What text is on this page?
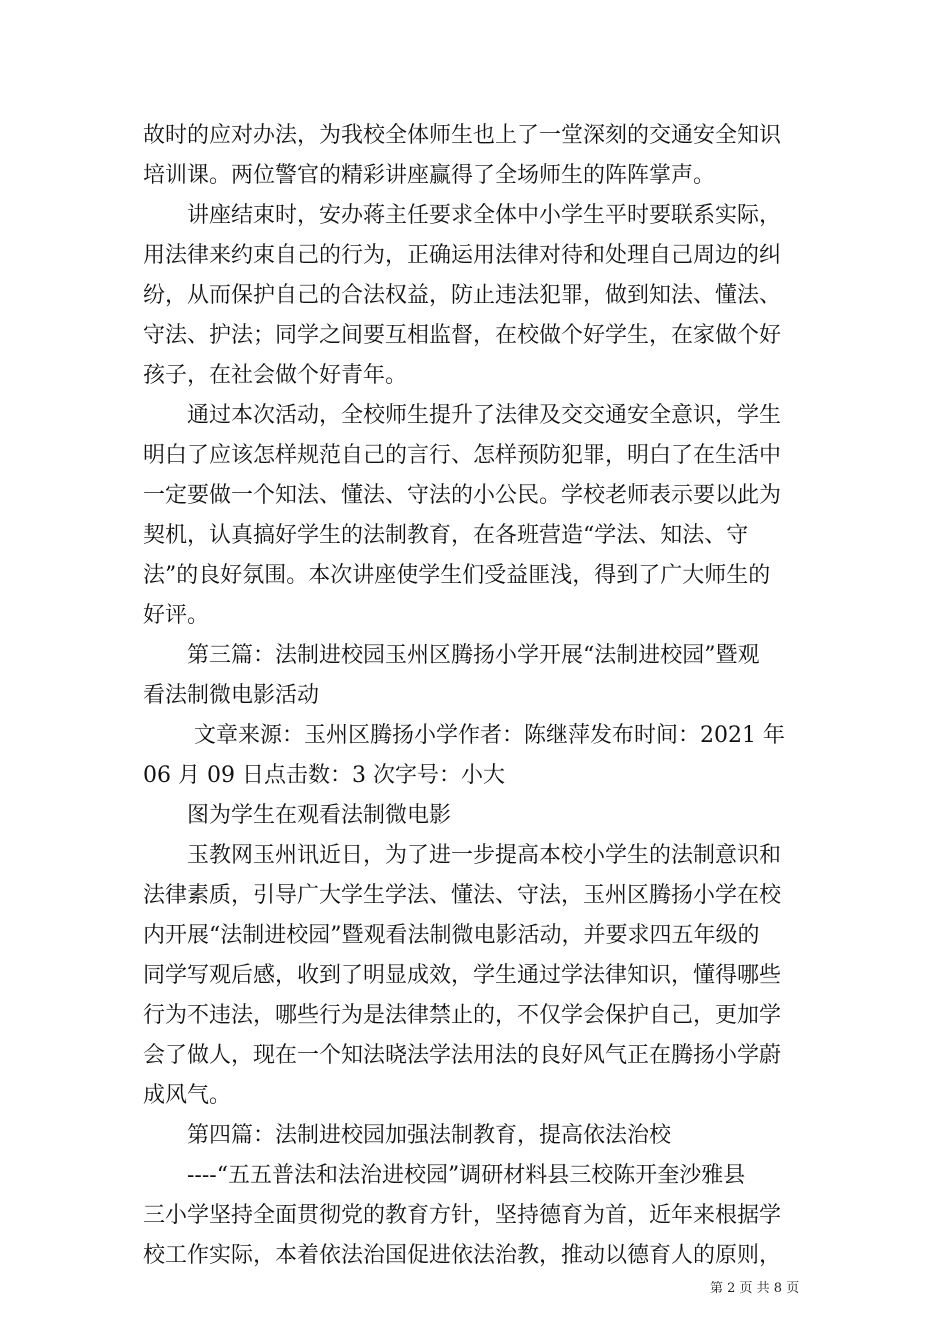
故时的应对办法，为我校全体师生也上了一堂深刻的交通安全知识
培训课。两位警官的精彩讲座赢得了全场师生的阵阵掌声。
　　讲座结束时，安办蒋主任要求全体中小学生平时要联系实际，
用法律来约束自己的行为，正确运用法律对待和处理自己周边的纠
纷，从而保护自己的合法权益，防止违法犯罪，做到知法、懂法、
守法、护法；同学之间要互相监督，在校做个好学生，在家做个好
孩子，在社会做个好青年。
　　通过本次活动，全校师生提升了法律及交交通安全意识，学生
明白了应该怎样规范自己的言行、怎样预防犯罪，明白了在生活中
一定要做一个知法、懂法、守法的小公民。学校老师表示要以此为
契机，认真搞好学生的法制教育，在各班营造“学法、知法、守
法”的良好氛围。本次讲座使学生们受益匪浅，得到了广大师生的
好评。
　　第三篇：法制进校园玉州区腾扬小学开展“法制进校园”暨观
看法制微电影活动
　　 文章来源：玉州区腾扬小学作者：陈继萍发布时间：2021 年
06 月 09 日点击数：3 次字号：小大
　　图为学生在观看法制微电影
　　玉教网玉州讯近日，为了进一步提高本校小学生的法制意识和
法律素质，引导广大学生学法、懂法、守法，玉州区腾扬小学在校
内开展“法制进校园”暨观看法制微电影活动，并要求四五年级的
同学写观后感，收到了明显成效，学生通过学法律知识，懂得哪些
行为不违法，哪些行为是法律禁止的，不仅学会保护自己，更加学
会了做人，现在一个知法晓法学法用法的良好风气正在腾扬小学蔚
成风气。
　　第四篇：法制进校园加强法制教育，提高依法治校
　　----“五五普法和法治进校园”调研材料县三校陈开奎沙雅县
三小学坚持全面贯彻党的教育方针，坚持德育为首，近年来根据学
校工作实际，本着依法治国促进依法治教，推动以德育人的原则，
第 2 页 共 8 页
